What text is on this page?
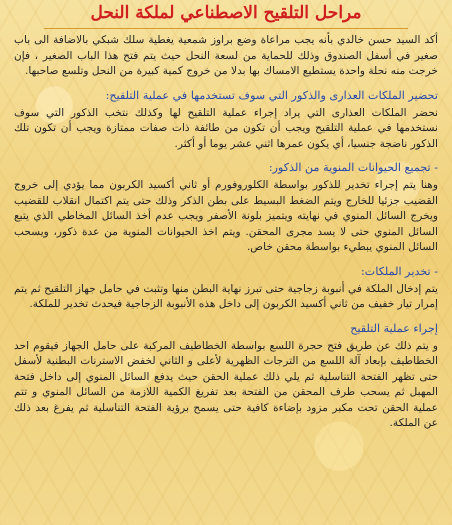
مراحل التلقيح الاصطناعي لملكة النحل

أكد السيد حسن خالدي بأنه يجب مراعاة وضع براوز شمعية يغطية سلك شبكي بالاضافة الى باب صغير في أسفل الصندوق وذلك للحماية من لسعة النحل حيث يتم فتح هذا الباب الصغير ، فإن خرجت منه نحلة واحدة يستطيع الامساك بها بدلا من خروج كمية كبيرة من النحل وتلسع صاحبها.

تحضير الملكات العذارى والذكور التي سوف تستخدمها في عملية التلقيح:

نحضر الملكات العذارى التي يراد إجراء عملية التلقيح لها وكذلك نتخب الذكور التي سوف نستخدمها في عملية التلقيح ويجب أن تكون من طائفة ذات صفات ممتازة ويجب أن تكون تلك الذكور ناضجة جنسيا، أي يكون عمرها اثني عشر يوما أو أكثر.

- تجميع الحيوانات المنوية من الذكور:

وهنا يتم إجراء تخدير للذكور بواسطة الكلوروفورم أو ثاني أكسيد الكربون مما يؤدي إلى خروج القضيب جزئيا للخارج ويتم الضغط البسيط على بطن الذكر وذلك حتى يتم اكتمال انقلاب للقضيب ويخرج السائل المنوي في نهايته ويتميز بلونة الأصفر ويجب عدم أخذ السائل المخاطي الذي يتبع السائل المنوي حتى لا يسد مجرى المحقن. ويتم اخذ الحيوانات المنوية من عدة ذكور، ويسحب السائل المنوي يبطيء بواسطة محقن خاص.

- تخدير الملكات:

يتم إدخال الملكة في أنبوبة زجاجية حتى تبرز نهاية البطن منها وتثبت في حامل جهاز التلقيح ثم يتم إمرار تيار خفيف من ثاني أكسيد الكربون إلى داخل هذه الأنبوبة الزجاجية فيحدث تخدير للملكة.

إجراء عملية التلقيح

و يتم ذلك عن طريق فتح حجرة اللسع بواسطة الخطاطيف المركبة على حامل الجهاز فيقوم احد الخطاطيف بإبعاد آلة اللسع من الترجات الظهرية لأعلى و الثاني لخفض الاسترنات البطنية لأسفل حتى تظهر الفتحة التناسلية ثم يلي ذلك عملية الحقن حيث يدفع السائل المنوي إلى داخل فتحة المهبل ثم يسحب طرف المحقن من الفتحة بعد تفريغ الكمية اللازمة من السائل المنوي و تتم عملية الحقن تحت مكبر مزود بإضاءة كافية حتى يسمح برؤية الفتحة التناسلية ثم يفرغ بعد ذلك عن الملكة.
